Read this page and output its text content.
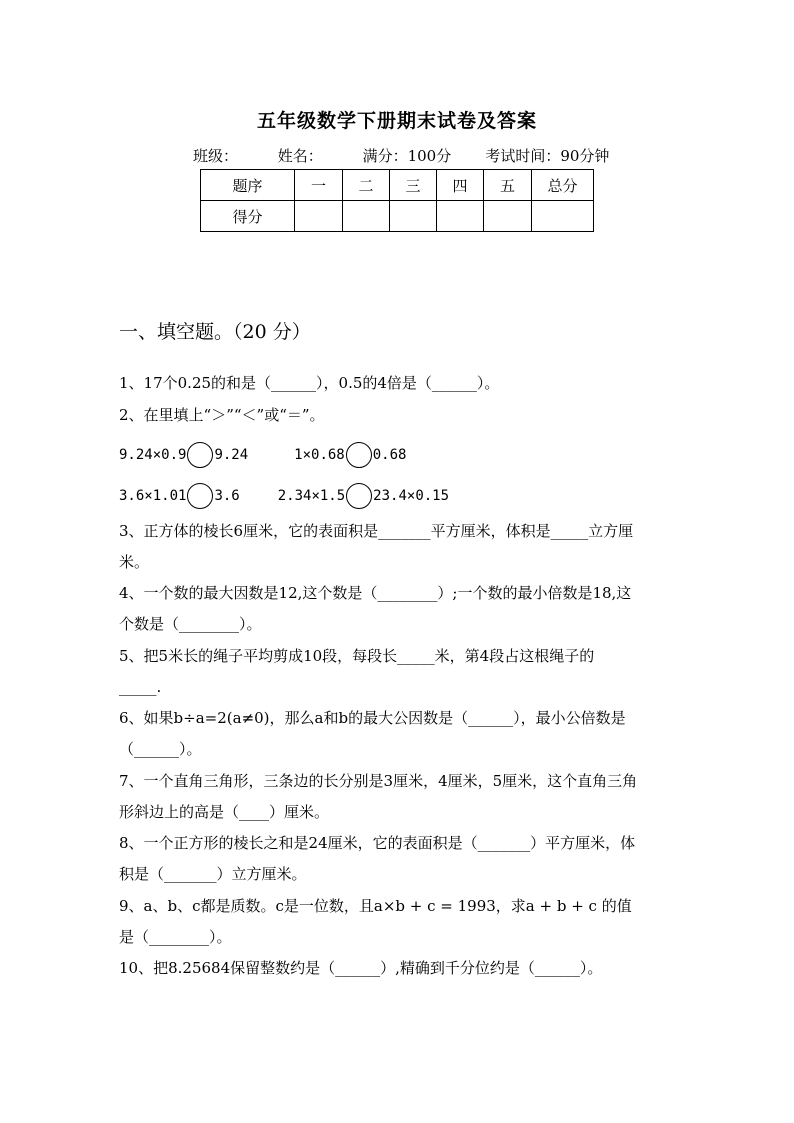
五年级数学下册期末试卷及答案
班级：	姓名：	满分：100分 考试时间：90分钟
题序	一	二	三	四	五	总分
得分						
一、填空题。（20 分）
1、17个0.25的和是（______），0.5的4倍是（______）。
2、在里填上“＞”“＜”或“＝”。
9.24×0.9 9.24	1×0.68 0.68
3.6×1.01 3.6	2.34×1.5 23.4×0.15
3、正方体的棱长6厘米，它的表面积是_______平方厘米，体积是_____立方厘
米。
4、一个数的最大因数是12,这个数是（________）;一个数的最小倍数是18,这
个数是（________）。
5、把5米长的绳子平均剪成10段，每段长_____米，第4段占这根绳子的
_____.
6、如果b÷a=2(a≠0)，那么a和b的最大公因数是（______），最小公倍数是
（______）。
7、一个直角三角形，三条边的长分别是3厘米，4厘米，5厘米，这个直角三角
形斜边上的高是（____）厘米。
8、一个正方形的棱长之和是24厘米，它的表面积是（_______）平方厘米，体
积是（_______）立方厘米。
9、a、b、c都是质数。c是一位数，且a×b + c = 1993，求a + b + c 的值
是（________）。
10、把8.25684保留整数约是（______）,精确到千分位约是（______）。
